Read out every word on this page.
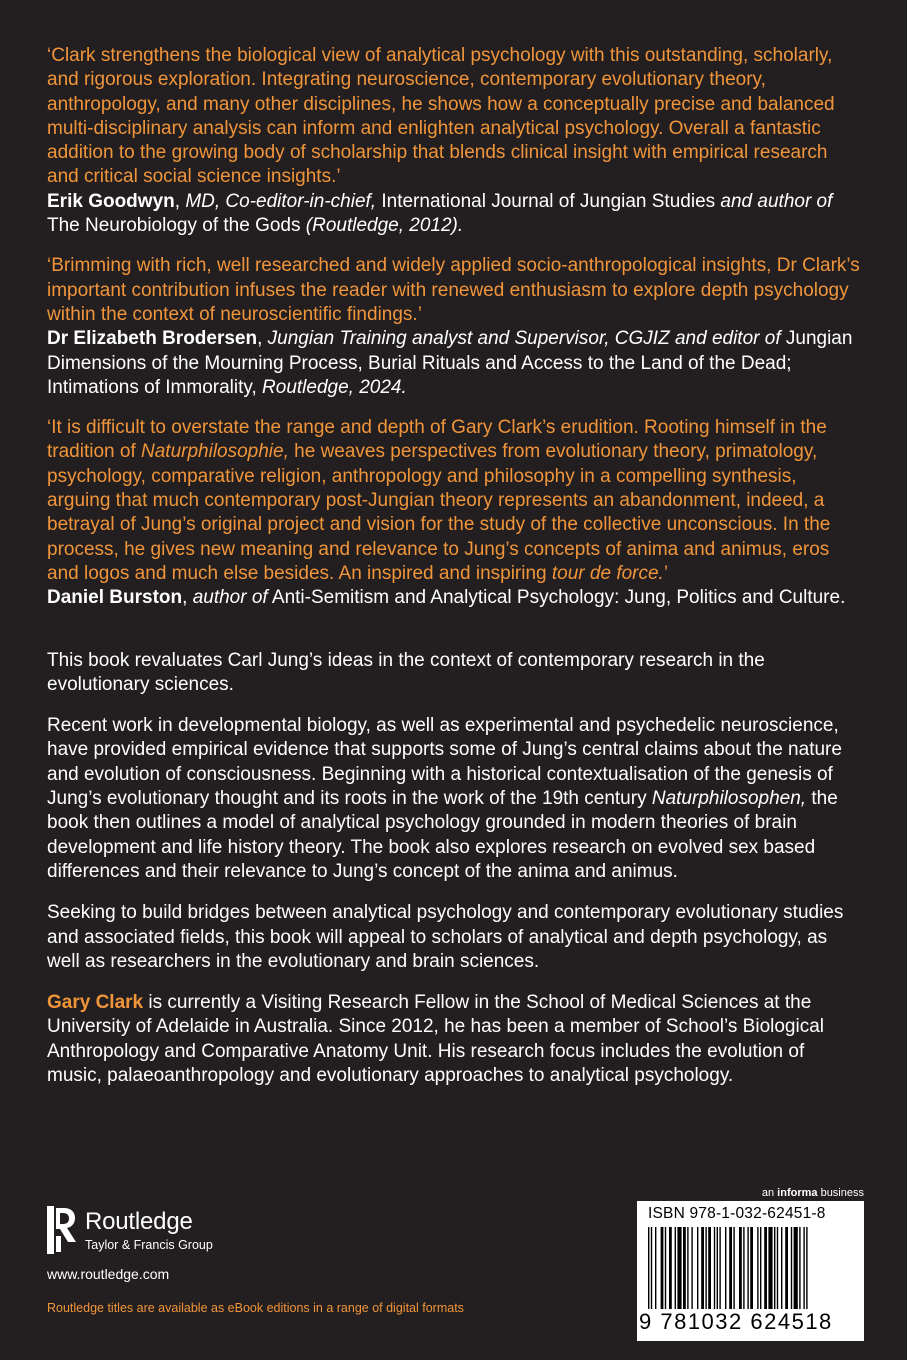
‘Clark strengthens the biological view of analytical psychology with this outstanding, scholarly, and rigorous exploration. Integrating neuroscience, contemporary evolutionary theory, anthropology, and many other disciplines, he shows how a conceptually precise and balanced multi-disciplinary analysis can inform and enlighten analytical psychology. Overall a fantastic addition to the growing body of scholarship that blends clinical insight with empirical research and critical social science insights.’

Erik Goodwyn, MD, Co-editor-in-chief, International Journal of Jungian Studies and author of The Neurobiology of the Gods (Routledge, 2012).

‘Brimming with rich, well researched and widely applied socio-anthropological insights, Dr Clark’s important contribution infuses the reader with renewed enthusiasm to explore depth psychology within the context of neuroscientific findings.’

Dr Elizabeth Brodersen, Jungian Training analyst and Supervisor, CGJIZ and editor of Jungian Dimensions of the Mourning Process, Burial Rituals and Access to the Land of the Dead; Intimations of Immorality, Routledge, 2024.

‘It is difficult to overstate the range and depth of Gary Clark’s erudition. Rooting himself in the tradition of Naturphilosophie, he weaves perspectives from evolutionary theory, primatology, psychology, comparative religion, anthropology and philosophy in a compelling synthesis, arguing that much contemporary post-Jungian theory represents an abandonment, indeed, a betrayal of Jung’s original project and vision for the study of the collective unconscious. In the process, he gives new meaning and relevance to Jung’s concepts of anima and animus, eros and logos and much else besides. An inspired and inspiring tour de force.’

Daniel Burston, author of Anti-Semitism and Analytical Psychology: Jung, Politics and Culture.

This book revaluates Carl Jung’s ideas in the context of contemporary research in the evolutionary sciences.

Recent work in developmental biology, as well as experimental and psychedelic neuroscience, have provided empirical evidence that supports some of Jung’s central claims about the nature and evolution of consciousness. Beginning with a historical contextualisation of the genesis of Jung’s evolutionary thought and its roots in the work of the 19th century Naturphilosophen, the book then outlines a model of analytical psychology grounded in modern theories of brain development and life history theory. The book also explores research on evolved sex based differences and their relevance to Jung’s concept of the anima and animus.

Seeking to build bridges between analytical psychology and contemporary evolutionary studies and associated fields, this book will appeal to scholars of analytical and depth psychology, as well as researchers in the evolutionary and brain sciences.

Gary Clark is currently a Visiting Research Fellow in the School of Medical Sciences at the University of Adelaide in Australia. Since 2012, he has been a member of School’s Biological Anthropology and Comparative Anatomy Unit. His research focus includes the evolution of music, palaeoanthropology and evolutionary approaches to analytical psychology.

Routledge
Taylor & Francis Group
www.routledge.com
Routledge titles are available as eBook editions in a range of digital formats
an informa business
ISBN 978-1-032-62451-8
9 781032 624518
